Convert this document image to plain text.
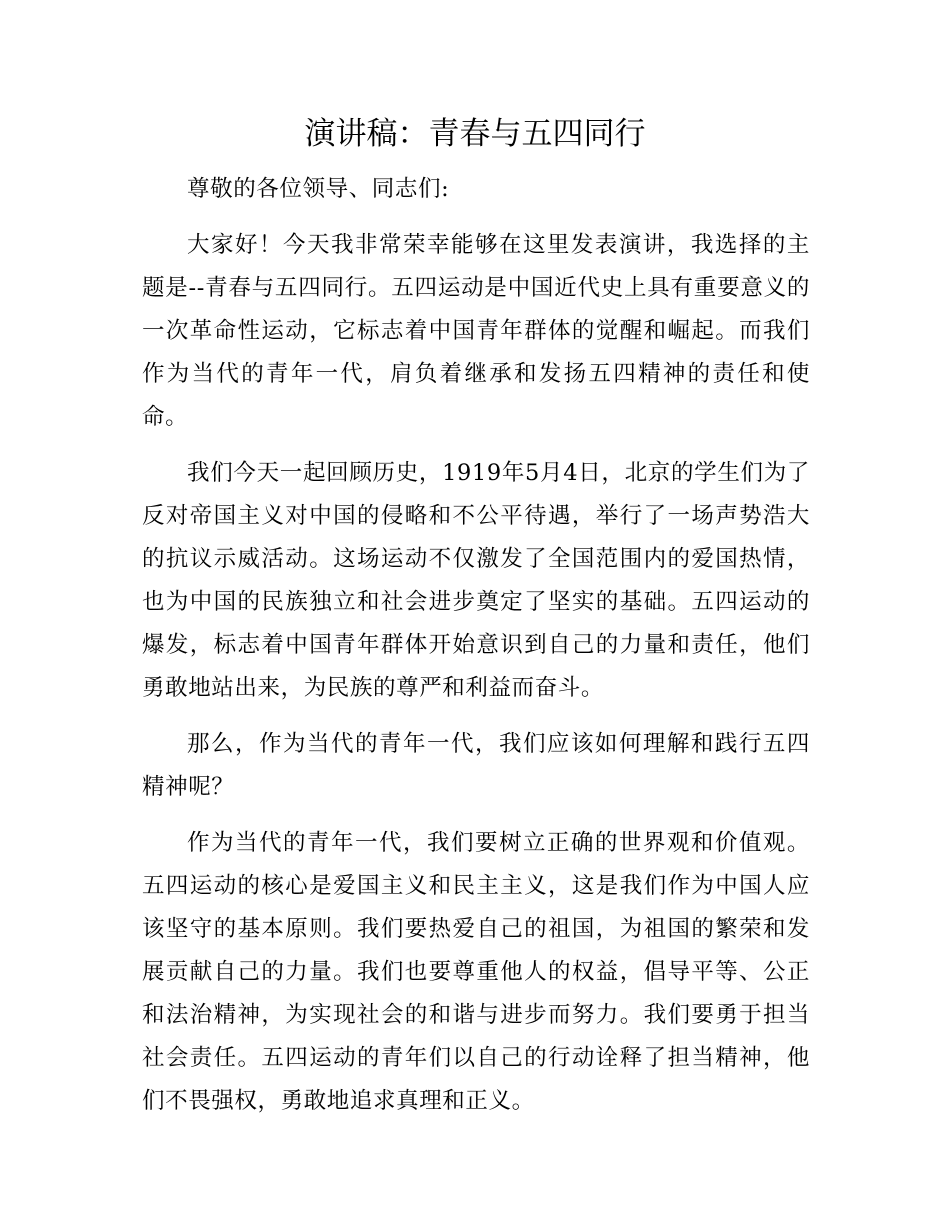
演讲稿：青春与五四同行

尊敬的各位领导、同志们:

大家好！今天我非常荣幸能够在这里发表演讲，我选择的主题是--青春与五四同行。五四运动是中国近代史上具有重要意义的一次革命性运动，它标志着中国青年群体的觉醒和崛起。而我们作为当代的青年一代，肩负着继承和发扬五四精神的责任和使命。

我们今天一起回顾历史，1919年5月4日，北京的学生们为了反对帝国主义对中国的侵略和不公平待遇，举行了一场声势浩大的抗议示威活动。这场运动不仅激发了全国范围内的爱国热情，也为中国的民族独立和社会进步奠定了坚实的基础。五四运动的爆发，标志着中国青年群体开始意识到自己的力量和责任，他们勇敢地站出来，为民族的尊严和利益而奋斗。

那么，作为当代的青年一代，我们应该如何理解和践行五四精神呢？

作为当代的青年一代，我们要树立正确的世界观和价值观。五四运动的核心是爱国主义和民主主义，这是我们作为中国人应该坚守的基本原则。我们要热爱自己的祖国，为祖国的繁荣和发展贡献自己的力量。我们也要尊重他人的权益，倡导平等、公正和法治精神，为实现社会的和谐与进步而努力。我们要勇于担当社会责任。五四运动的青年们以自己的行动诠释了担当精神，他们不畏强权，勇敢地追求真理和正义。
